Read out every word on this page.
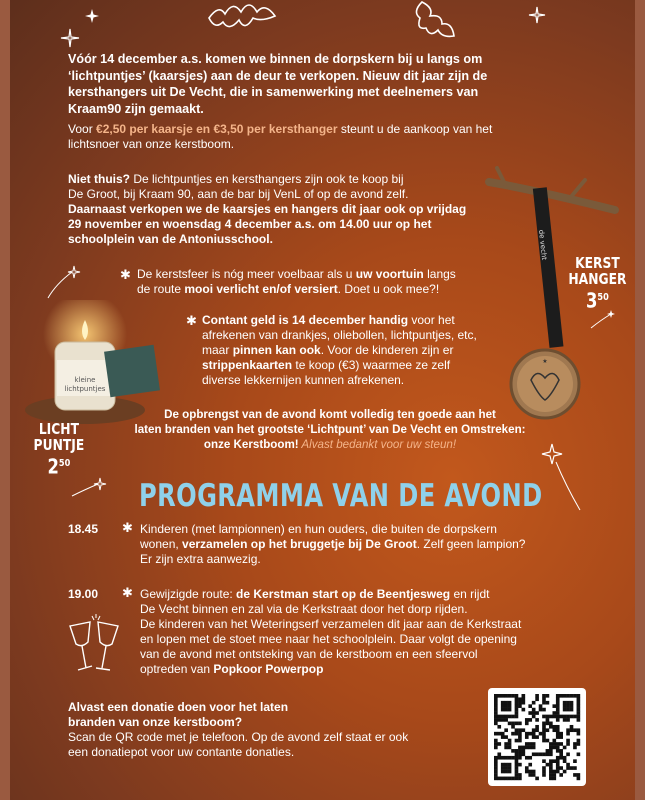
Vóór 14 december a.s. komen we binnen de dorpskern bij u langs om
‘lichtpuntjes’ (kaarsjes) aan de deur te verkopen. Nieuw dit jaar zijn de
kersthangers uit De Vecht, die in samenwerking met deelnemers van
Kraam90 zijn gemaakt.
Voor €2,50 per kaarsje en €3,50 per kersthanger steunt u de aankoop van het
lichtsnoer van onze kerstboom.
Niet thuis? De lichtpuntjes en kersthangers zijn ook te koop bij
De Groot, bij Kraam 90, aan de bar bij VenL of op de avond zelf.
Daarnaast verkopen we de kaarsjes en hangers dit jaar ook op vrijdag
29 november en woensdag 4 december a.s. om 14.00 uur op het
schoolplein van de Antoniusschool.	de vecht
★
KERST
HANGER
$3^{50}$
kleine
lichtpuntjes
LICHT
PUNTJE
$2^{50}$
✱ De kerstsfeer is nóg meer voelbaar als u uw voortuin langs
de route mooi verlicht en/of versiert. Doet u ook mee?!
✱ Contant geld is 14 december handig voor het
afrekenen van drankjes, oliebollen, lichtpuntjes, etc,
maar pinnen kan ook. Voor de kinderen zijn er
strippenkaarten te koop (€3) waarmee ze zelf
diverse lekkernijen kunnen afrekenen.
De opbrengst van de avond komt volledig ten goede aan het
laten branden van het grootste ‘Lichtpunt’ van De Vecht en Omstreken:
onze Kerstboom! Alvast bedankt voor uw steun!
PROGRAMMA VAN DE AVOND
18.45 ✱ Kinderen (met lampionnen) en hun ouders, die buiten de dorpskern
wonen, verzamelen op het bruggetje bij De Groot. Zelf geen lampion?
Er zijn extra aanwezig.
19.00 ✱ Gewijzigde route: de Kerstman start op de Beentjesweg en rijdt
De Vecht binnen en zal via de Kerkstraat door het dorp rijden.
De kinderen van het Weteringserf verzamelen dit jaar aan de Kerkstraat
en lopen met de stoet mee naar het schoolplein. Daar volgt de opening
van de avond met ontsteking van de kerstboom en een sfeervol
optreden van Popkoor Powerpop
Alvast een donatie doen voor het laten
branden van onze kerstboom?
Scan de QR code met je telefoon. Op de avond zelf staat er ook
een donatiepot voor uw contante donaties.
